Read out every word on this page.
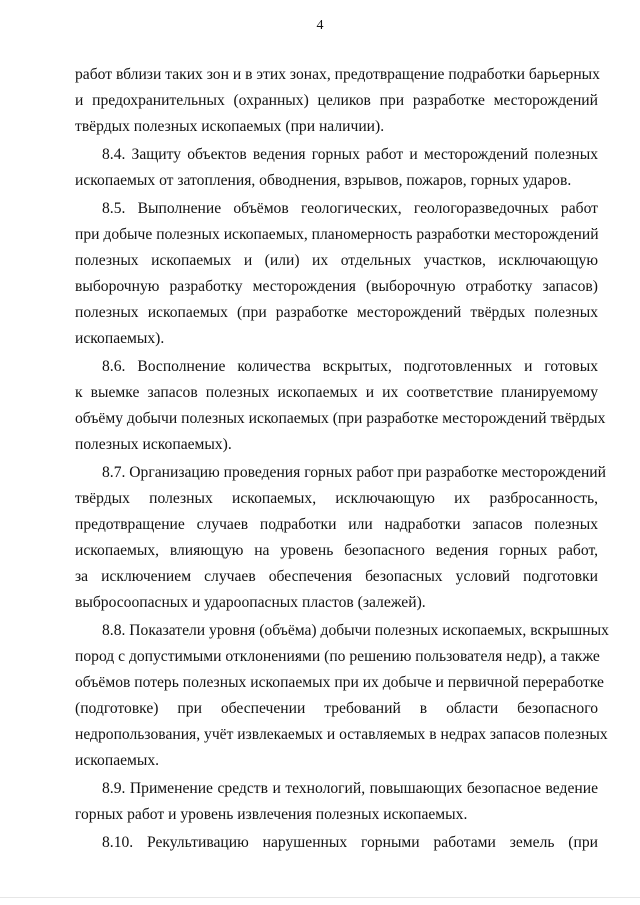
4
работ вблизи таких зон и в этих зонах, предотвращение подработки барьерных
и предохранительных (охранных) целиков при разработке месторождений
твёрдых полезных ископаемых (при наличии).
8.4. Защиту объектов ведения горных работ и месторождений полезных
ископаемых от затопления, обводнения, взрывов, пожаров, горных ударов.
8.5. Выполнение объёмов геологических, геологоразведочных работ
при добыче полезных ископаемых, планомерность разработки месторождений
полезных ископаемых и (или) их отдельных участков, исключающую
выборочную разработку месторождения (выборочную отработку запасов)
полезных ископаемых (при разработке месторождений твёрдых полезных
ископаемых).
8.6. Восполнение количества вскрытых, подготовленных и готовых
к выемке запасов полезных ископаемых и их соответствие планируемому
объёму добычи полезных ископаемых (при разработке месторождений твёрдых
полезных ископаемых).
8.7. Организацию проведения горных работ при разработке месторождений
твёрдых полезных ископаемых, исключающую их разбросанность,
предотвращение случаев подработки или надработки запасов полезных
ископаемых, влияющую на уровень безопасного ведения горных работ,
за исключением случаев обеспечения безопасных условий подготовки
выбросоопасных и удароопасных пластов (залежей).
8.8. Показатели уровня (объёма) добычи полезных ископаемых, вскрышных
пород с допустимыми отклонениями (по решению пользователя недр), а также
объёмов потерь полезных ископаемых при их добыче и первичной переработке
(подготовке) при обеспечении требований в области безопасного
недропользования, учёт извлекаемых и оставляемых в недрах запасов полезных
ископаемых.
8.9. Применение средств и технологий, повышающих безопасное ведение
горных работ и уровень извлечения полезных ископаемых.
8.10. Рекультивацию нарушенных горными работами земель (при
